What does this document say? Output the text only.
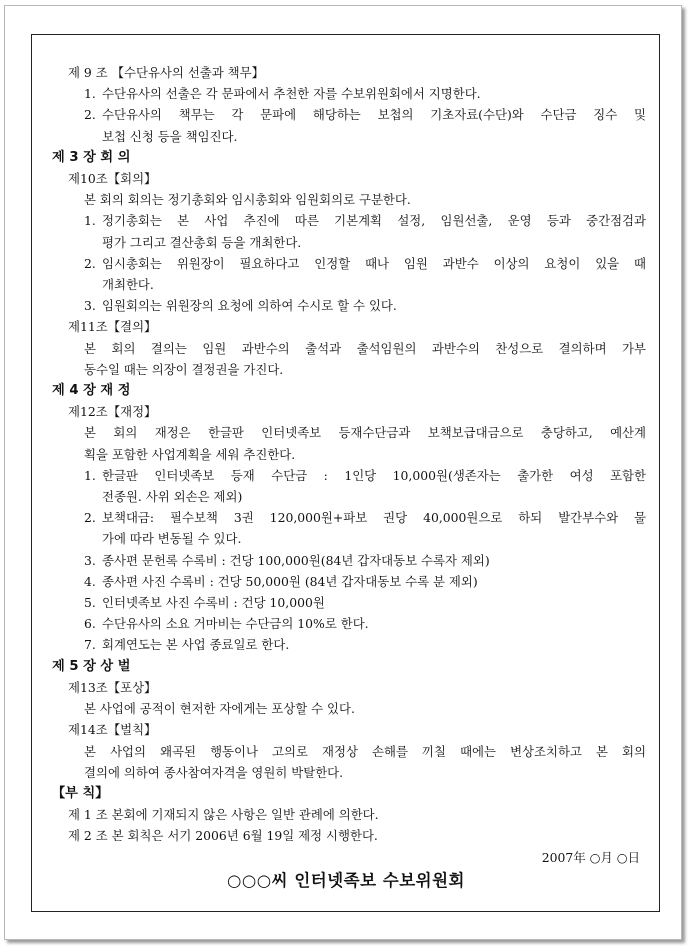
제 9 조 【수단유사의 선출과 책무】
1. 수단유사의 선출은 각 문파에서 추천한 자를 수보위원회에서 지명한다.
2. 수단유사의 책무는 각 문파에 해당하는 보첩의 기초자료(수단)와 수단금 징수 및
보첩 신청 등을 책임진다.
제 3 장 회 의
제10조【회의】
본 회의 회의는 정기총회와 임시총회와 임원회의로 구분한다.
1. 정기총회는 본 사업 추진에 따른 기본계획 설정, 임원선출, 운영 등과 중간점검과
평가 그리고 결산총회 등을 개최한다.
2. 임시총회는 위원장이 필요하다고 인정할 때나 임원 과반수 이상의 요청이 있을 때
개최한다.
3. 임원회의는 위원장의 요청에 의하여 수시로 할 수 있다.
제11조【결의】
본 회의 결의는 임원 과반수의 출석과 출석임원의 과반수의 찬성으로 결의하며 가부
동수일 때는 의장이 결정권을 가진다.
제 4 장 재 정
제12조【재정】
본 회의 재정은 한글판 인터넷족보 등재수단금과 보책보급대금으로 충당하고, 예산계
획을 포함한 사업계획을 세워 추진한다.
1. 한글판 인터넷족보 등재 수단금 : 1인당 10,000원(생존자는 출가한 여성 포함한
전종원. 사위 외손은 제외)
2. 보책대금: 필수보책 3권 120,000원+파보 권당 40,000원으로 하되 발간부수와 물
가에 따라 변동될 수 있다.
3. 종사편 문헌록 수록비 : 건당 100,000원(84년 갑자대동보 수록자 제외)
4. 종사편 사진 수록비 : 건당 50,000원 (84년 갑자대동보 수록 분 제외)
5. 인터넷족보 사진 수록비 : 건당 10,000원
6. 수단유사의 소요 거마비는 수단금의 10%로 한다.
7. 회계연도는 본 사업 종료일로 한다.
제 5 장 상 벌
제13조【포상】
본 사업에 공적이 현저한 자에게는 포상할 수 있다.
제14조【벌칙】
본 사업의 왜곡된 행동이나 고의로 재정상 손해를 끼칠 때에는 변상조치하고 본 회의
결의에 의하여 종사참여자격을 영원히 박탈한다.
【부 칙】
제 1 조 본회에 기재되지 않은 사항은 일반 관례에 의한다.
제 2 조 본 회칙은 서기 2006년 6월 19일 제정 시행한다.
2007年 ○月 ○日
○○○씨 인터넷족보 수보위원회
